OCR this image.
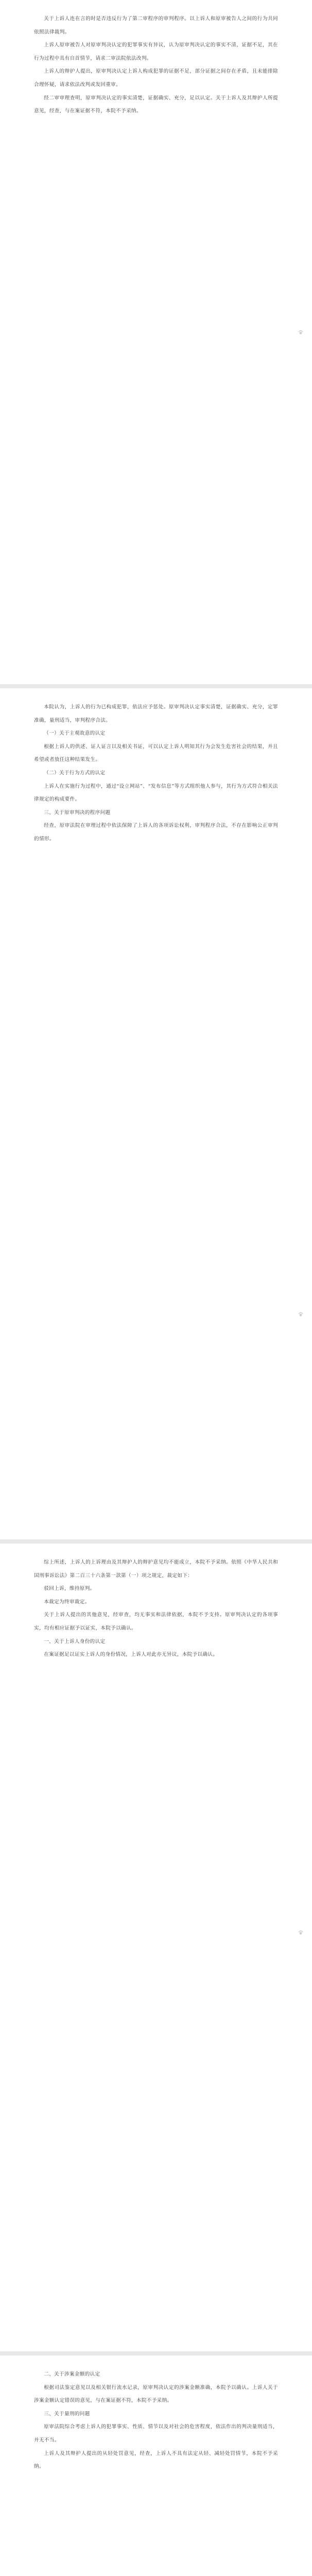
关于上诉人连在言的时是否违反行为了第二审程序的审判程序。以上诉人和原审被告人之间的行为共同依照法律裁判。

上诉人原审被告人对原审判决认定的犯罪事实有异议，认为原审判决认定的事实不清，证据不足，其在行为过程中具有自首情节，请求二审法院依法改判。

上诉人的辩护人提出，原审判决认定上诉人构成犯罪的证据不足，部分证据之间存在矛盾，且未能排除合理怀疑，请求依法改判或发回重审。

经二审审理查明，原审判决认定的事实清楚，证据确实、充分，足以认定。关于上诉人及其辩护人所提意见，经查，与在案证据不符，本院不予采纳。

本院认为，上诉人的行为已构成犯罪，依法应予惩处。原审判决认定事实清楚，证据确实、充分，定罪准确，量刑适当，审判程序合法。

（一）关于主观故意的认定

根据上诉人的供述、证人证言以及相关书证，可以认定上诉人明知其行为会发生危害社会的结果，并且希望或者放任这种结果发生。

（二）关于行为方式的认定

上诉人在实施行为过程中，通过“设立网站”、“发布信息”等方式组织他人参与，其行为方式符合相关法律规定的构成要件。

三、关于原审判决的程序问题

经查，原审法院在审理过程中依法保障了上诉人的各项诉讼权利，审判程序合法，不存在影响公正审判的情形。

综上所述，上诉人的上诉理由及其辩护人的辩护意见均不能成立，本院不予采纳。依照《中华人民共和国刑事诉讼法》第二百三十六条第一款第（一）项之规定，裁定如下：

驳回上诉，维持原判。

本裁定为终审裁定。

关于上诉人提出的其他意见，经审查，均无事实和法律依据，本院不予支持。原审判决认定的各项事实，均有相应证据予以证实，本院予以确认。

一、关于上诉人身份的认定

在案证据足以证实上诉人的身份情况，上诉人对此亦无异议，本院予以确认。

二、关于涉案金额的认定

根据司法鉴定意见以及相关银行流水记录，原审判决认定的涉案金额准确，本院予以确认。上诉人关于涉案金额认定错误的意见，与在案证据不符，本院不予采纳。

三、关于量刑的问题

原审法院综合考虑上诉人的犯罪事实、性质、情节以及对社会的危害程度，依法作出的判决量刑适当，并无不当。

上诉人及其辩护人提出的从轻处罚意见，经查，上诉人不具有法定从轻、减轻处罚情节，本院不予采纳。
